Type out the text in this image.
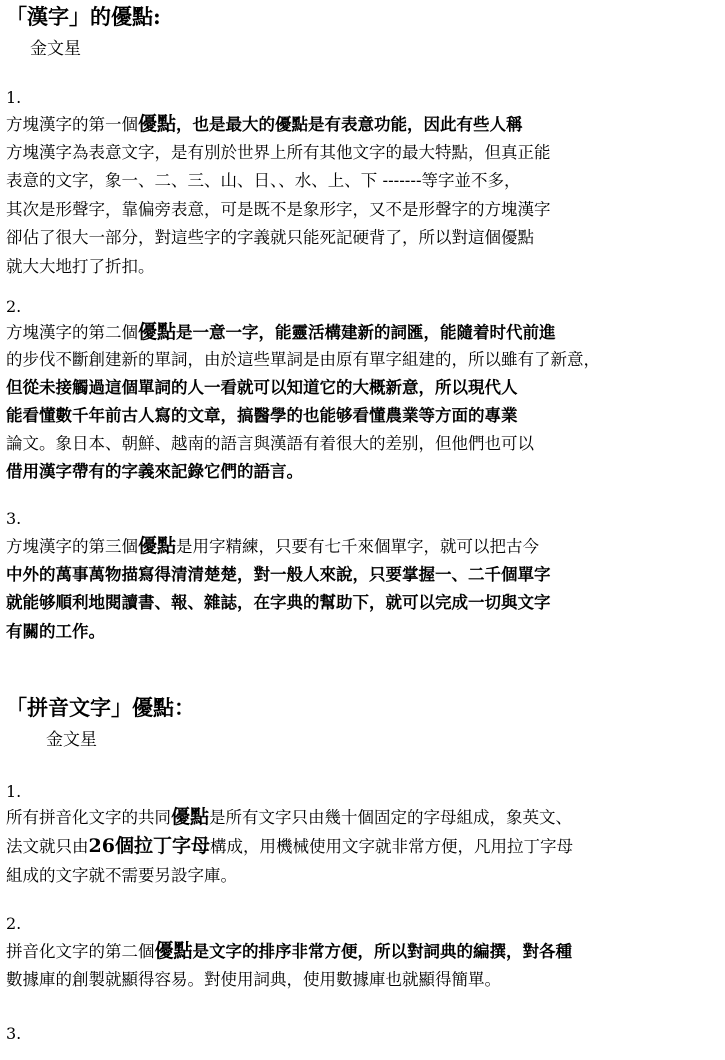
「漢字」的優點:
金文星
1.
方塊漢字的第一個優點，也是最大的優點是有表意功能，因此有些人稱
方塊漢字為表意文字，是有別於世界上所有其他文字的最大特點，但真正能
表意的文字，象一、二、三、山、日、、水、上、下 -------等字並不多，
其次是形聲字，靠偏旁表意，可是既不是象形字，又不是形聲字的方塊漢字
卻佔了很大一部分，對這些字的字義就只能死記硬背了，所以對這個優點
就大大地打了折扣。
2.
方塊漢字的第二個優點是一意一字，能靈活構建新的詞匯，能隨着时代前進
的步伐不斷創建新的單詞，由於這些單詞是由原有單字組建的，所以雖有了新意，
但從未接觸過這個單詞的人一看就可以知道它的大概新意，所以現代人
能看懂數千年前古人寫的文章，搞醫學的也能够看懂農業等方面的專業
論文。象日本、朝鮮、越南的語言與漢語有着很大的差别，但他們也可以
借用漢字帶有的字義來記錄它們的語言。
3.
方塊漢字的第三個優點是用字精練，只要有七千來個單字，就可以把古今
中外的萬事萬物描寫得清清楚楚，對一般人來說，只要掌握一、二千個單字
就能够順利地閱讀書、報、雜誌，在字典的幫助下，就可以完成一切與文字
有關的工作。
「拼音文字」優點：
金文星
1.
所有拼音化文字的共同優點是所有文字只由幾十個固定的字母組成，象英文、
法文就只由26個拉丁字母構成，用機械使用文字就非常方便，凡用拉丁字母
組成的文字就不需要另設字庫。
2.
拼音化文字的第二個優點是文字的排序非常方便，所以對詞典的編撰，對各種
數據庫的創製就顯得容易。對使用詞典，使用數據庫也就顯得簡單。
3.
